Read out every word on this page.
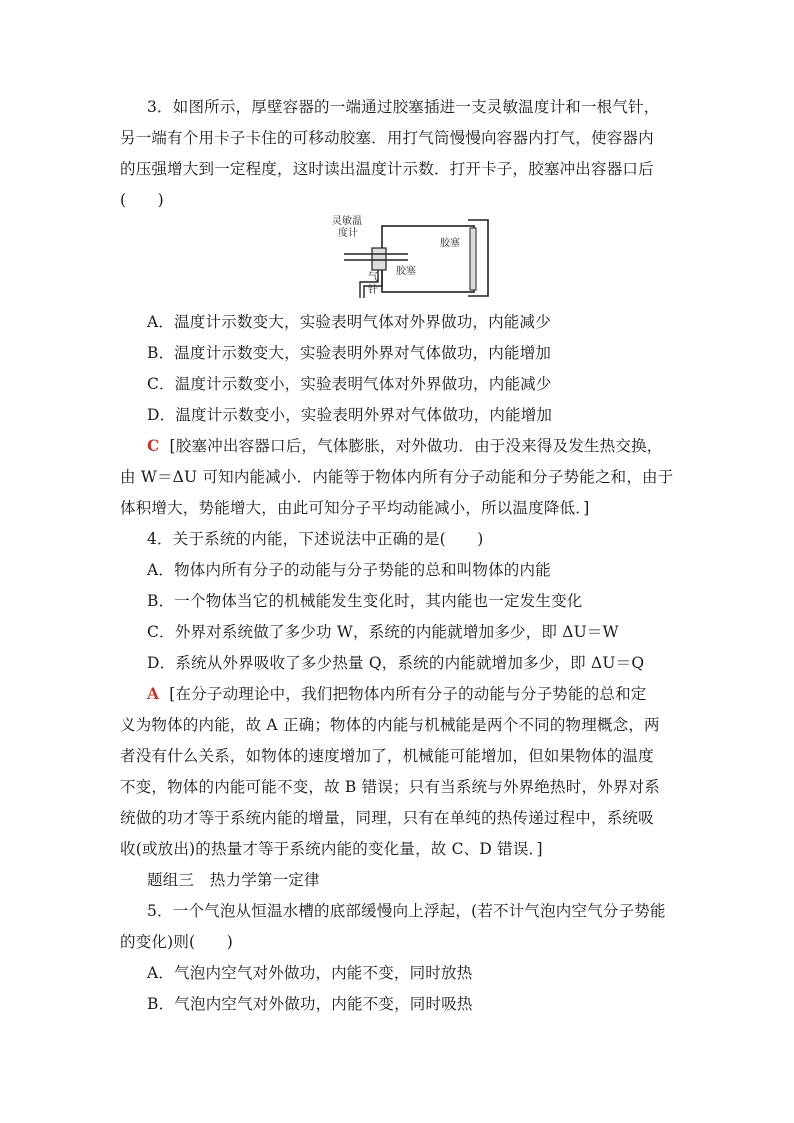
3．如图所示，厚壁容器的一端通过胶塞插进一支灵敏温度计和一根气针，
另一端有个用卡子卡住的可移动胶塞．用打气筒慢慢向容器内打气，使容器内
的压强增大到一定程度，这时读出温度计示数．打开卡子，胶塞冲出容器口后
(　　)
灵敏温
度计
胶塞
胶塞
气
针
A．温度计示数变大，实验表明气体对外界做功，内能减少
B．温度计示数变大，实验表明外界对气体做功，内能增加
C．温度计示数变小，实验表明气体对外界做功，内能减少
D．温度计示数变小，实验表明外界对气体做功，内能增加
C [胶塞冲出容器口后，气体膨胀，对外做功．由于没来得及发生热交换，
由 W＝ΔU 可知内能减小．内能等于物体内所有分子动能和分子势能之和，由于
体积增大，势能增大，由此可知分子平均动能减小，所以温度降低．]
4．关于系统的内能，下述说法中正确的是(　　)
A．物体内所有分子的动能与分子势能的总和叫物体的内能
B．一个物体当它的机械能发生变化时，其内能也一定发生变化
C．外界对系统做了多少功 W，系统的内能就增加多少，即 ΔU＝W
D．系统从外界吸收了多少热量 Q，系统的内能就增加多少，即 ΔU＝Q
A [在分子动理论中，我们把物体内所有分子的动能与分子势能的总和定
义为物体的内能，故 A 正确；物体的内能与机械能是两个不同的物理概念，两
者没有什么关系，如物体的速度增加了，机械能可能增加，但如果物体的温度
不变，物体的内能可能不变，故 B 错误；只有当系统与外界绝热时，外界对系
统做的功才等于系统内能的增量，同理，只有在单纯的热传递过程中，系统吸
收(或放出)的热量才等于系统内能的变化量，故 C、D 错误．]
题组三　热力学第一定律
5．一个气泡从恒温水槽的底部缓慢向上浮起，(若不计气泡内空气分子势能
的变化)则(　　)
A．气泡内空气对外做功，内能不变，同时放热
B．气泡内空气对外做功，内能不变，同时吸热
